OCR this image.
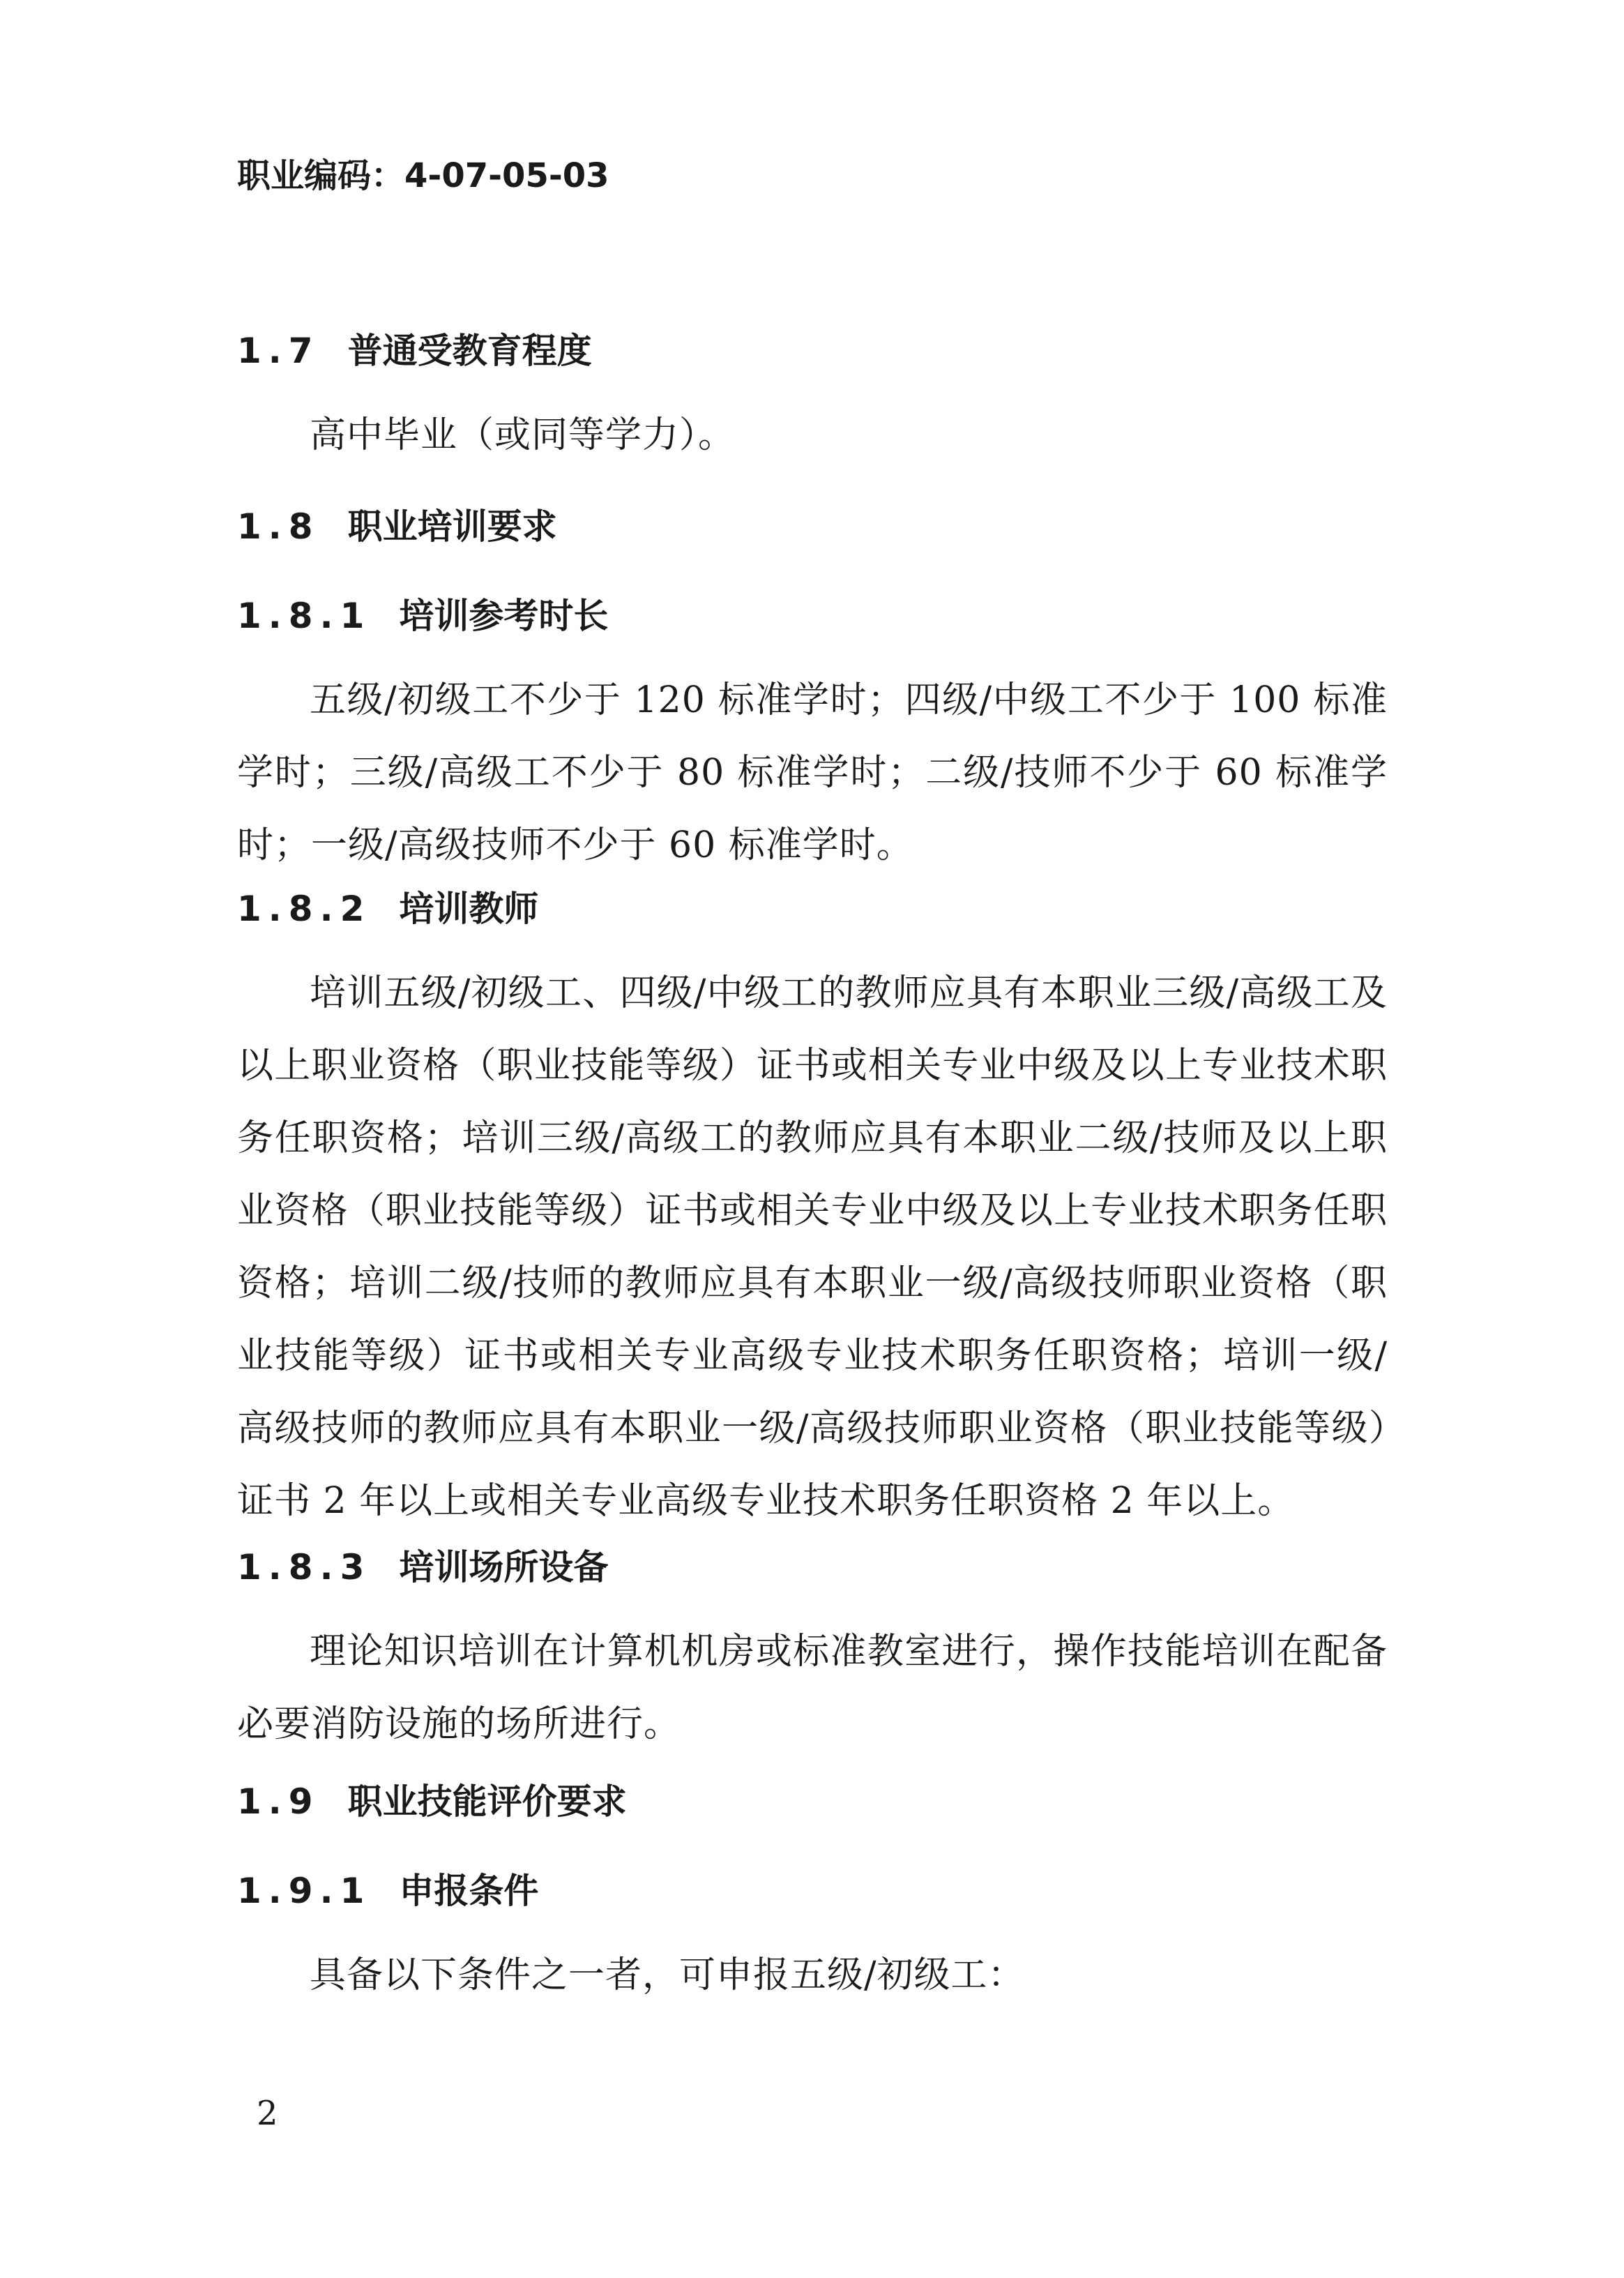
职业编码：4-07-05-03
1.7 普通受教育程度
高中毕业（或同等学力）。
1.8 职业培训要求
1.8.1 培训参考时长
五级/初级工不少于 120 标准学时；四级/中级工不少于 100 标准学时；三级/高级工不少于 80 标准学时；二级/技师不少于 60 标准学时；一级/高级技师不少于 60 标准学时。
1.8.2 培训教师
培训五级/初级工、四级/中级工的教师应具有本职业三级/高级工及以上职业资格（职业技能等级）证书或相关专业中级及以上专业技术职务任职资格；培训三级/高级工的教师应具有本职业二级/技师及以上职业资格（职业技能等级）证书或相关专业中级及以上专业技术职务任职资格；培训二级/技师的教师应具有本职业一级/高级技师职业资格（职业技能等级）证书或相关专业高级专业技术职务任职资格；培训一级/高级技师的教师应具有本职业一级/高级技师职业资格（职业技能等级）证书 2 年以上或相关专业高级专业技术职务任职资格 2 年以上。
1.8.3 培训场所设备
理论知识培训在计算机机房或标准教室进行，操作技能培训在配备必要消防设施的场所进行。
1.9 职业技能评价要求
1.9.1 申报条件
具备以下条件之一者，可申报五级/初级工：
2
